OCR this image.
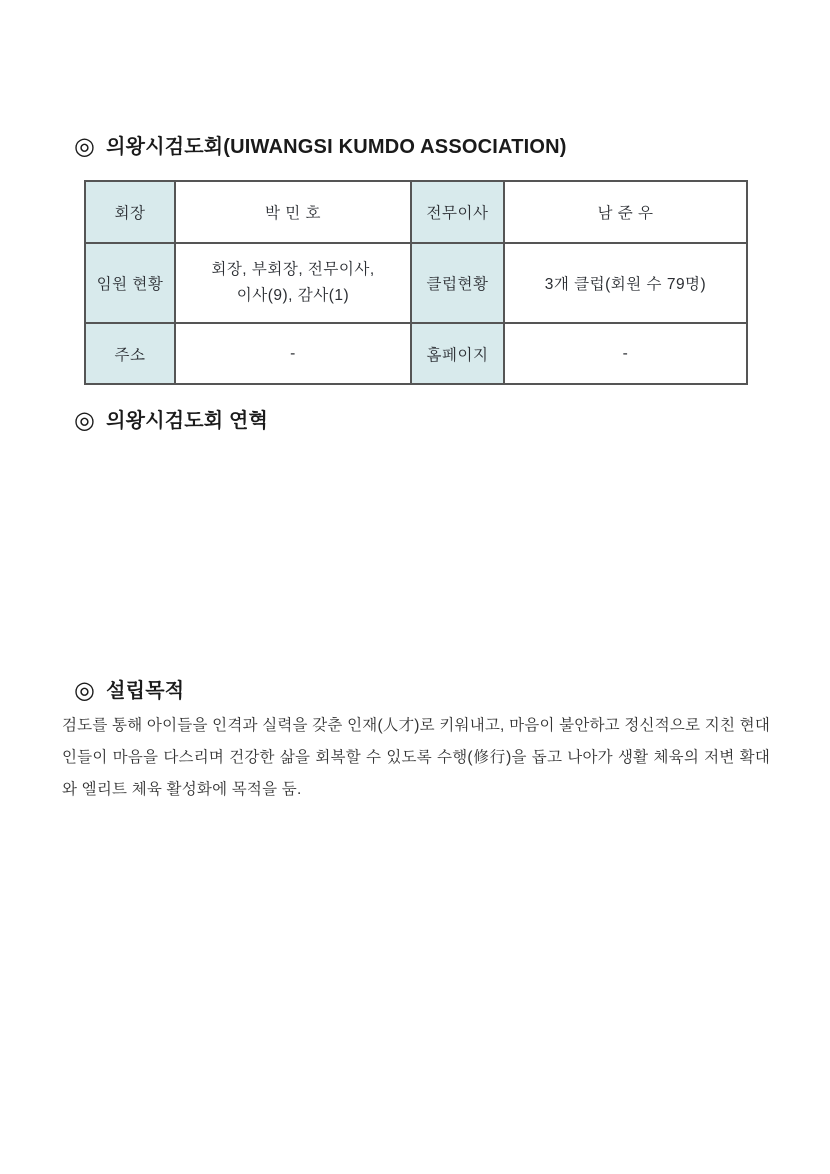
◎ 의왕시검도회(UIWANGSI KUMDO ASSOCIATION)
회장	박 민 호	전무이사	남 준 우
임원 현황	회장, 부회장, 전무이사,
이사(9), 감사(1)	클럽현황	3개 클럽(회원 수 79명)
주소	-	홈페이지	-
◎ 의왕시검도회 연혁
◎ 설립목적
검도를 통해 아이들을 인격과 실력을 갖춘 인재(人才)로 키워내고, 마음이 불안하고 정신적으로 지친 현대인들이 마음을 다스리며 건강한 삶을 회복할 수 있도록 수행(修行)을 돕고 나아가 생활 체육의 저변 확대와 엘리트 체육 활성화에 목적을 둠.
